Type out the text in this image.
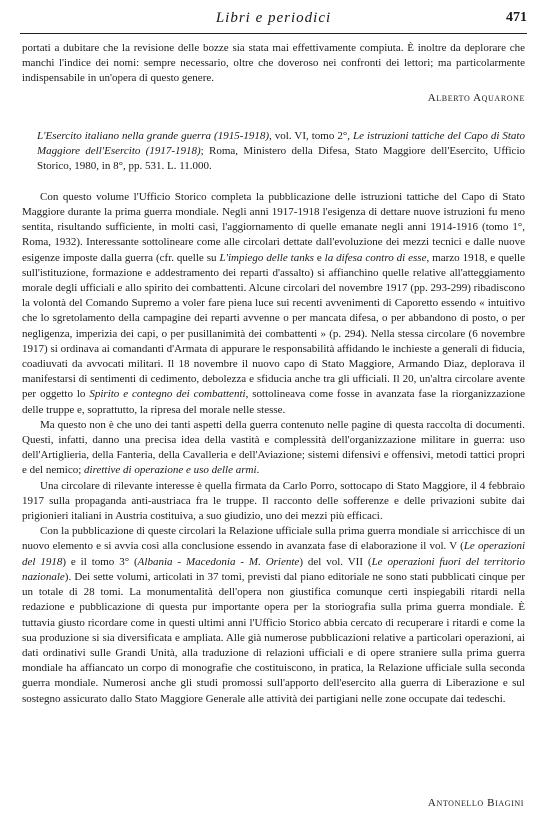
Libri e periodici	471

portati a dubitare che la revisione delle bozze sia stata mai effettivamente compiuta. È inoltre da deplorare che manchi l'indice dei nomi: sempre necessario, oltre che doveroso nei confronti dei lettori; ma particolarmente indispensabile in un'opera di questo genere.

Alberto Aquarone

L'Esercito italiano nella grande guerra (1915-1918), vol. VI, tomo 2°, Le istruzioni tattiche del Capo di Stato Maggiore dell'Esercito (1917-1918); Roma, Ministero della Difesa, Stato Maggiore dell'Esercito, Ufficio Storico, 1980, in 8°, pp. 531. L. 11.000.

Con questo volume l'Ufficio Storico completa la pubblicazione delle istruzioni tattiche del Capo di Stato Maggiore durante la prima guerra mondiale. Negli anni 1917-1918 l'esigenza di dettare nuove istruzioni fu meno sentita, risultando sufficiente, in molti casi, l'aggiornamento di quelle emanate negli anni 1914-1916 (tomo 1°, Roma, 1932). Interessante sottolineare come alle circolari dettate dall'evoluzione dei mezzi tecnici e dalle nuove esigenze imposte dalla guerra (cfr. quelle su L'impiego delle tanks e la difesa contro di esse, marzo 1918, e quelle sull'istituzione, formazione e addestramento dei reparti d'assalto) si affianchino quelle relative all'atteggiamento morale degli ufficiali e allo spirito dei combattenti. Alcune circolari del novembre 1917 (pp. 293-299) ribadiscono la volontà del Comando Supremo a voler fare piena luce sui recenti avvenimenti di Caporetto essendo « intuitivo che lo sgretolamento della campagine dei reparti avvenne o per mancata difesa, o per abbandono di posto, o per negligenza, imperizia dei capi, o per pusillanimità dei combattenti » (p. 294). Nella stessa circolare (6 novembre 1917) si ordinava ai comandanti d'Armata di appurare le responsabilità affidando le inchieste a generali di fiducia, coadiuvati da avvocati militari. Il 18 novembre il nuovo capo di Stato Maggiore, Armando Diaz, deplorava il manifestarsi di sentimenti di cedimento, debolezza e sfiducia anche tra gli ufficiali. Il 20, un'altra circolare avente per oggetto lo Spirito e contegno dei combattenti, sottolineava come fosse in avanzata fase la riorganizzazione delle truppe e, soprattutto, la ripresa del morale nelle stesse.

Ma questo non è che uno dei tanti aspetti della guerra contenuto nelle pagine di questa raccolta di documenti. Questi, infatti, danno una precisa idea della vastità e complessità dell'organizzazione militare in guerra: uso dell'Artiglieria, della Fanteria, della Cavalleria e dell'Aviazione; sistemi difensivi e offensivi, metodi tattici propri e del nemico; direttive di operazione e uso delle armi.

Una circolare di rilevante interesse è quella firmata da Carlo Porro, sottocapo di Stato Maggiore, il 4 febbraio 1917 sulla propaganda anti-austriaca fra le truppe. Il racconto delle sofferenze e delle privazioni subite dai prigionieri italiani in Austria costituiva, a suo giudizio, uno dei mezzi più efficaci.

Con la pubblicazione di queste circolari la Relazione ufficiale sulla prima guerra mondiale si arricchisce di un nuovo elemento e si avvia così alla conclusione essendo in avanzata fase di elaborazione il vol. V (Le operazioni del 1918) e il tomo 3° (Albania - Macedonia - M. Oriente) del vol. VII (Le operazioni fuori del territorio nazionale). Dei sette volumi, articolati in 37 tomi, previsti dal piano editoriale ne sono stati pubblicati cinque per un totale di 28 tomi. La monumentalità dell'opera non giustifica comunque certi inspiegabili ritardi nella redazione e pubblicazione di questa pur importante opera per la storiografia sulla prima guerra mondiale. È tuttavia giusto ricordare come in questi ultimi anni l'Ufficio Storico abbia cercato di recuperare i ritardi e come la sua produzione si sia diversificata e ampliata. Alle già numerose pubblicazioni relative a particolari operazioni, ai dati ordinativi sulle Grandi Unità, alla traduzione di relazioni ufficiali e di opere straniere sulla prima guerra mondiale ha affiancato un corpo di monografie che costituiscono, in pratica, la Relazione ufficiale sulla seconda guerra mondiale. Numerosi anche gli studi promossi sull'apporto dell'esercito alla guerra di Liberazione e sul sostegno assicurato dallo Stato Maggiore Generale alle attività dei partigiani nelle zone occupate dai tedeschi.

Antonello Biagini
